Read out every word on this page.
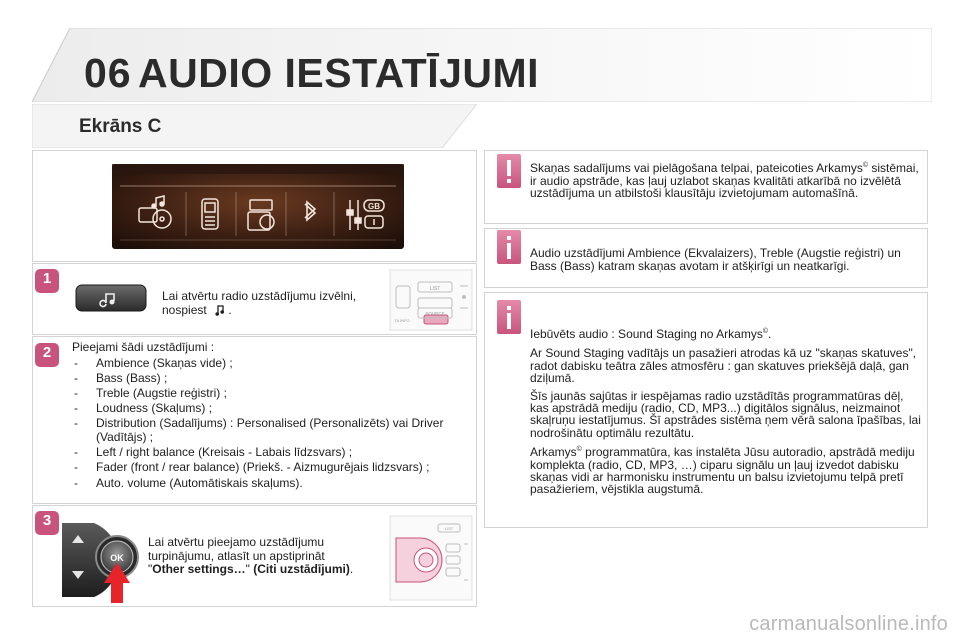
06 AUDIO IESTATĪJUMI
Ekrāns C
GB
1
Lai atvērtu radio uzstādījumu izvēlni,
nospiest  .
LIST
SOURCE
TA INFO
2	Pieejami šādi uzstādījumi :
- Ambience (Skaņas vide) ;
- Bass (Bass) ;
- Treble (Augstie reģistri) ;
- Loudness (Skaļums) ;
- Distribution (Sadalījums) : Personalised (Personalizēts) vai Driver (Vadītājs) ;
- Left / right balance (Kreisais - Labais līdzsvars) ;
- Fader (front / rear balance) (Priekš. - Aizmugurējais lidzsvars) ;
- Auto. volume (Automātiskais skaļums).
3
OK
Lai atvērtu pieejamo uzstādījumu
turpinājumu, atlasīt un apstiprināt
"Other settings…" (Citi uzstādījumi).
LIST
Skaņas sadalījums vai pielāgošana telpai, pateicoties Arkamys© sistēmai, ir audio apstrāde, kas ļauj uzlabot skaņas kvalitāti atkarībā no izvēlētā uzstādījuma un atbilstoši klausītāju izvietojumam automašīnā.
Audio uzstādījumi Ambience (Ekvalaizers), Treble (Augstie reģistri) un Bass (Bass) katram skaņas avotam ir atšķirīgi un neatkarīgi.
Iebūvēts audio : Sound Staging no Arkamys©.
Ar Sound Staging vadītājs un pasažieri atrodas kā uz "skaņas skatuves", radot dabisku teātra zāles atmosfēru : gan skatuves priekšējā daļā, gan dziļumā.
Šīs jaunās sajūtas ir iespējamas radio uzstādītās programmatūras dēļ, kas apstrādā mediju (radio, CD, MP3...) digitālos signālus, neizmainot skaļruņu iestatījumus. Šī apstrādes sistēma ņem vērā salona īpašības, lai nodrošinātu optimālu rezultātu.
Arkamys© programmatūra, kas instalēta Jūsu autoradio, apstrādā mediju komplekta (radio, CD, MP3, …) ciparu signālu un ļauj izvedot dabisku skaņas vidi ar harmonisku instrumentu un balsu izvietojumu telpā pretī pasažieriem, vējstikla augstumā.
carmanualsonline.info
